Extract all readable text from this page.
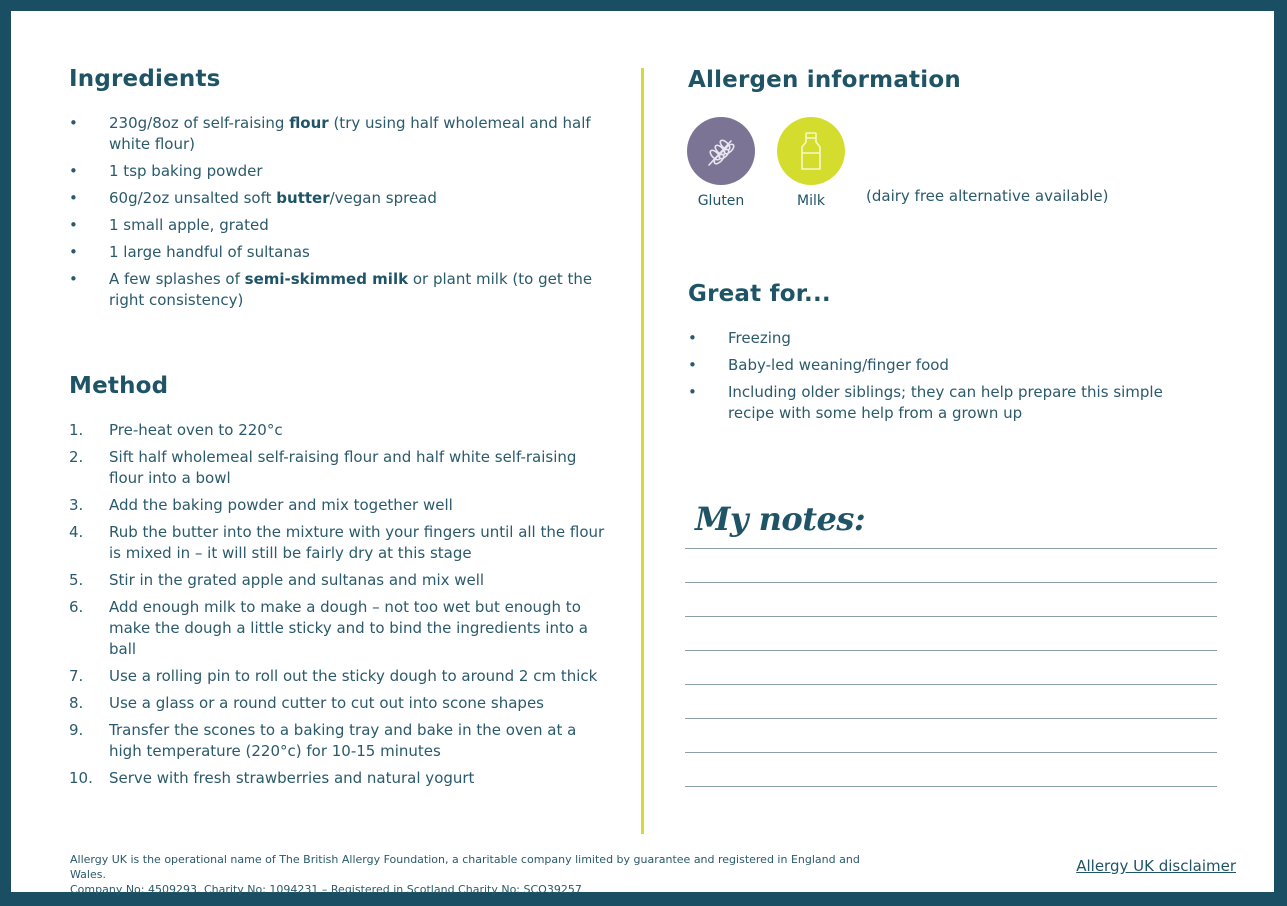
Ingredients
• 230g/8oz of self-raising flour (try using half wholemeal and half white flour)
• 1 tsp baking powder
• 60g/2oz unsalted soft butter/vegan spread
• 1 small apple, grated
• 1 large handful of sultanas
• A few splashes of semi-skimmed milk or plant milk (to get the right consistency)
Method
1. Pre-heat oven to 220°c
2. Sift half wholemeal self-raising flour and half white self-raising flour into a bowl
3. Add the baking powder and mix together well
4. Rub the butter into the mixture with your fingers until all the flour is mixed in – it will still be fairly dry at this stage
5. Stir in the grated apple and sultanas and mix well
6. Add enough milk to make a dough – not too wet but enough to make the dough a little sticky and to bind the ingredients into a ball
7. Use a rolling pin to roll out the sticky dough to around 2 cm thick
8. Use a glass or a round cutter to cut out into scone shapes
9. Transfer the scones to a baking tray and bake in the oven at a high temperature (220°c) for 10-15 minutes
10. Serve with fresh strawberries and natural yogurt
Allergen information
Gluten	Milk	(dairy free alternative available)
Great for...
• Freezing
• Baby-led weaning/finger food
• Including older siblings; they can help prepare this simple recipe with some help from a grown up
My notes:
Allergy UK is the operational name of The British Allergy Foundation, a charitable company limited by guarantee and registered in England and Wales.
Company No: 4509293. Charity No: 1094231 – Registered in Scotland Charity No: SCO39257
Allergy UK disclaimer
